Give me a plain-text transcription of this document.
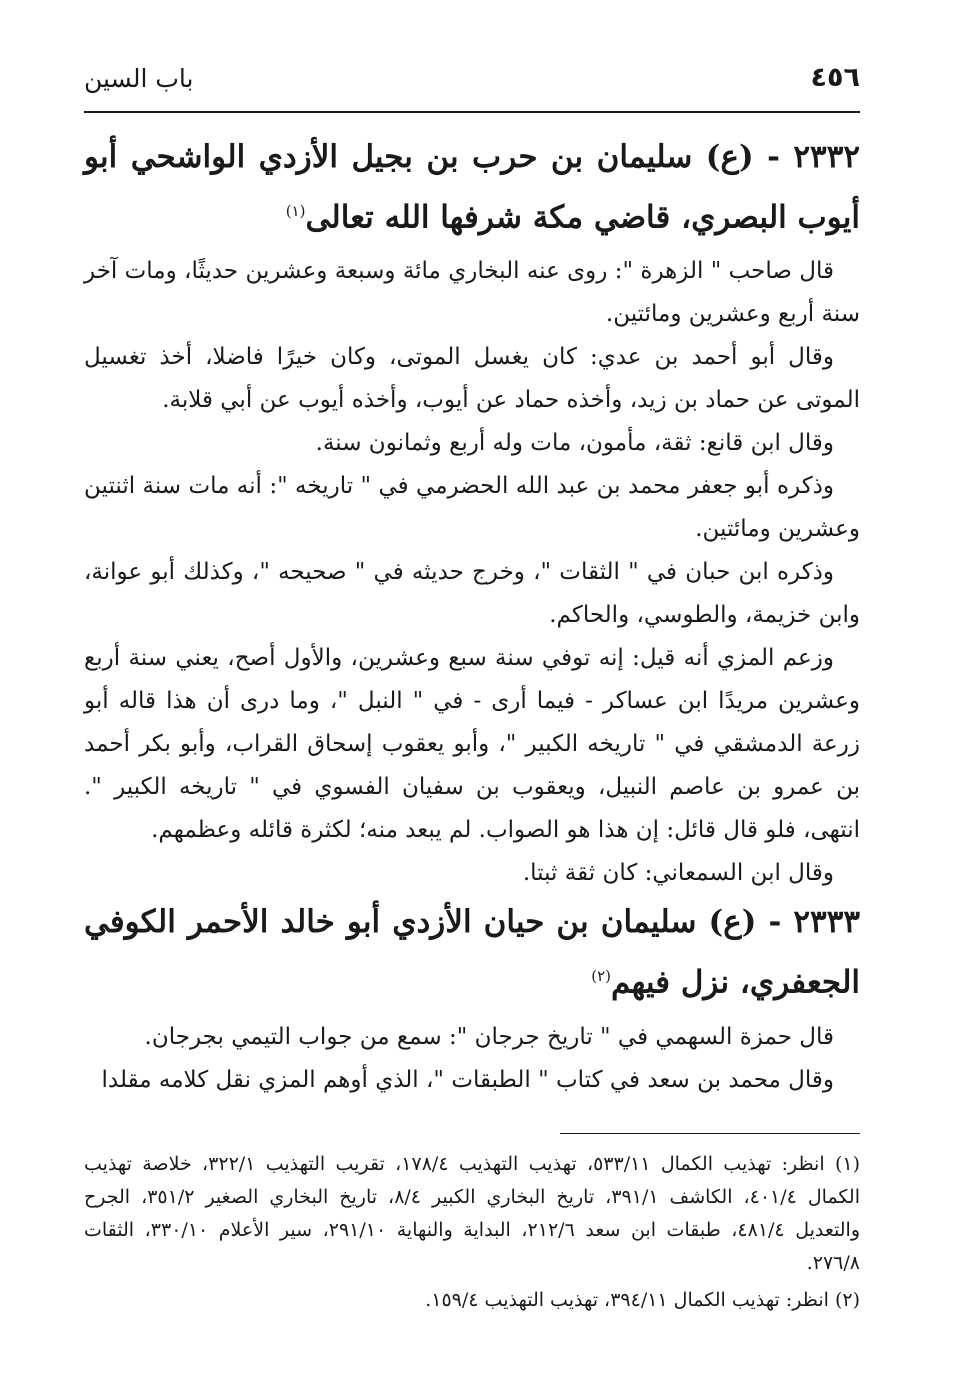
٤٥٦
باب السين
٢٣٣٢ - (ع) سليمان بن حرب بن بجيل الأزدي الواشحي أبو أيوب البصري، قاضي مكة شرفها الله تعالى$^{(١)}$

قال صاحب " الزهرة ": روى عنه البخاري مائة وسبعة وعشرين حديثًا، ومات آخر سنة أربع وعشرين ومائتين.

وقال أبو أحمد بن عدي: كان يغسل الموتى، وكان خيرًا فاضلا، أخذ تغسيل الموتى عن حماد بن زيد، وأخذه حماد عن أيوب، وأخذه أيوب عن أبي قلابة.

وقال ابن قانع: ثقة، مأمون، مات وله أربع وثمانون سنة.

وذكره أبو جعفر محمد بن عبد الله الحضرمي في " تاريخه ": أنه مات سنة اثنتين وعشرين ومائتين.

وذكره ابن حبان في " الثقات "، وخرج حديثه في " صحيحه "، وكذلك أبو عوانة، وابن خزيمة، والطوسي، والحاكم.

وزعم المزي أنه قيل: إنه توفي سنة سبع وعشرين، والأول أصح، يعني سنة أربع وعشرين مريدًا ابن عساكر - فيما أرى - في " النبل "، وما درى أن هذا قاله أبو زرعة الدمشقي في " تاريخه الكبير "، وأبو يعقوب إسحاق القراب، وأبو بكر أحمد بن عمرو بن عاصم النبيل، ويعقوب بن سفيان الفسوي في " تاريخه الكبير ". انتهى، فلو قال قائل: إن هذا هو الصواب. لم يبعد منه؛ لكثرة قائله وعظمهم.

وقال ابن السمعاني: كان ثقة ثبتا.

٢٣٣٣ - (ع) سليمان بن حيان الأزدي أبو خالد الأحمر الكوفي الجعفري، نزل فيهم$^{(٢)}$

قال حمزة السهمي في " تاريخ جرجان ": سمع من جواب التيمي بجرجان.

وقال محمد بن سعد في كتاب " الطبقات "، الذي أوهم المزي نقل كلامه مقلدا

(١) انظر: تهذيب الكمال ٥٣٣/١١، تهذيب التهذيب ١٧٨/٤، تقريب التهذيب ٣٢٢/١، خلاصة تهذيب الكمال ٤٠١/٤، الكاشف ٣٩١/١، تاريخ البخاري الكبير ٨/٤، تاريخ البخاري الصغير ٣٥١/٢، الجرح والتعديل ٤٨١/٤، طبقات ابن سعد ٢١٢/٦، البداية والنهاية ٢٩١/١٠، سير الأعلام ٣٣٠/١٠، الثقات ٢٧٦/٨.

(٢) انظر: تهذيب الكمال ٣٩٤/١١، تهذيب التهذيب ١٥٩/٤.
